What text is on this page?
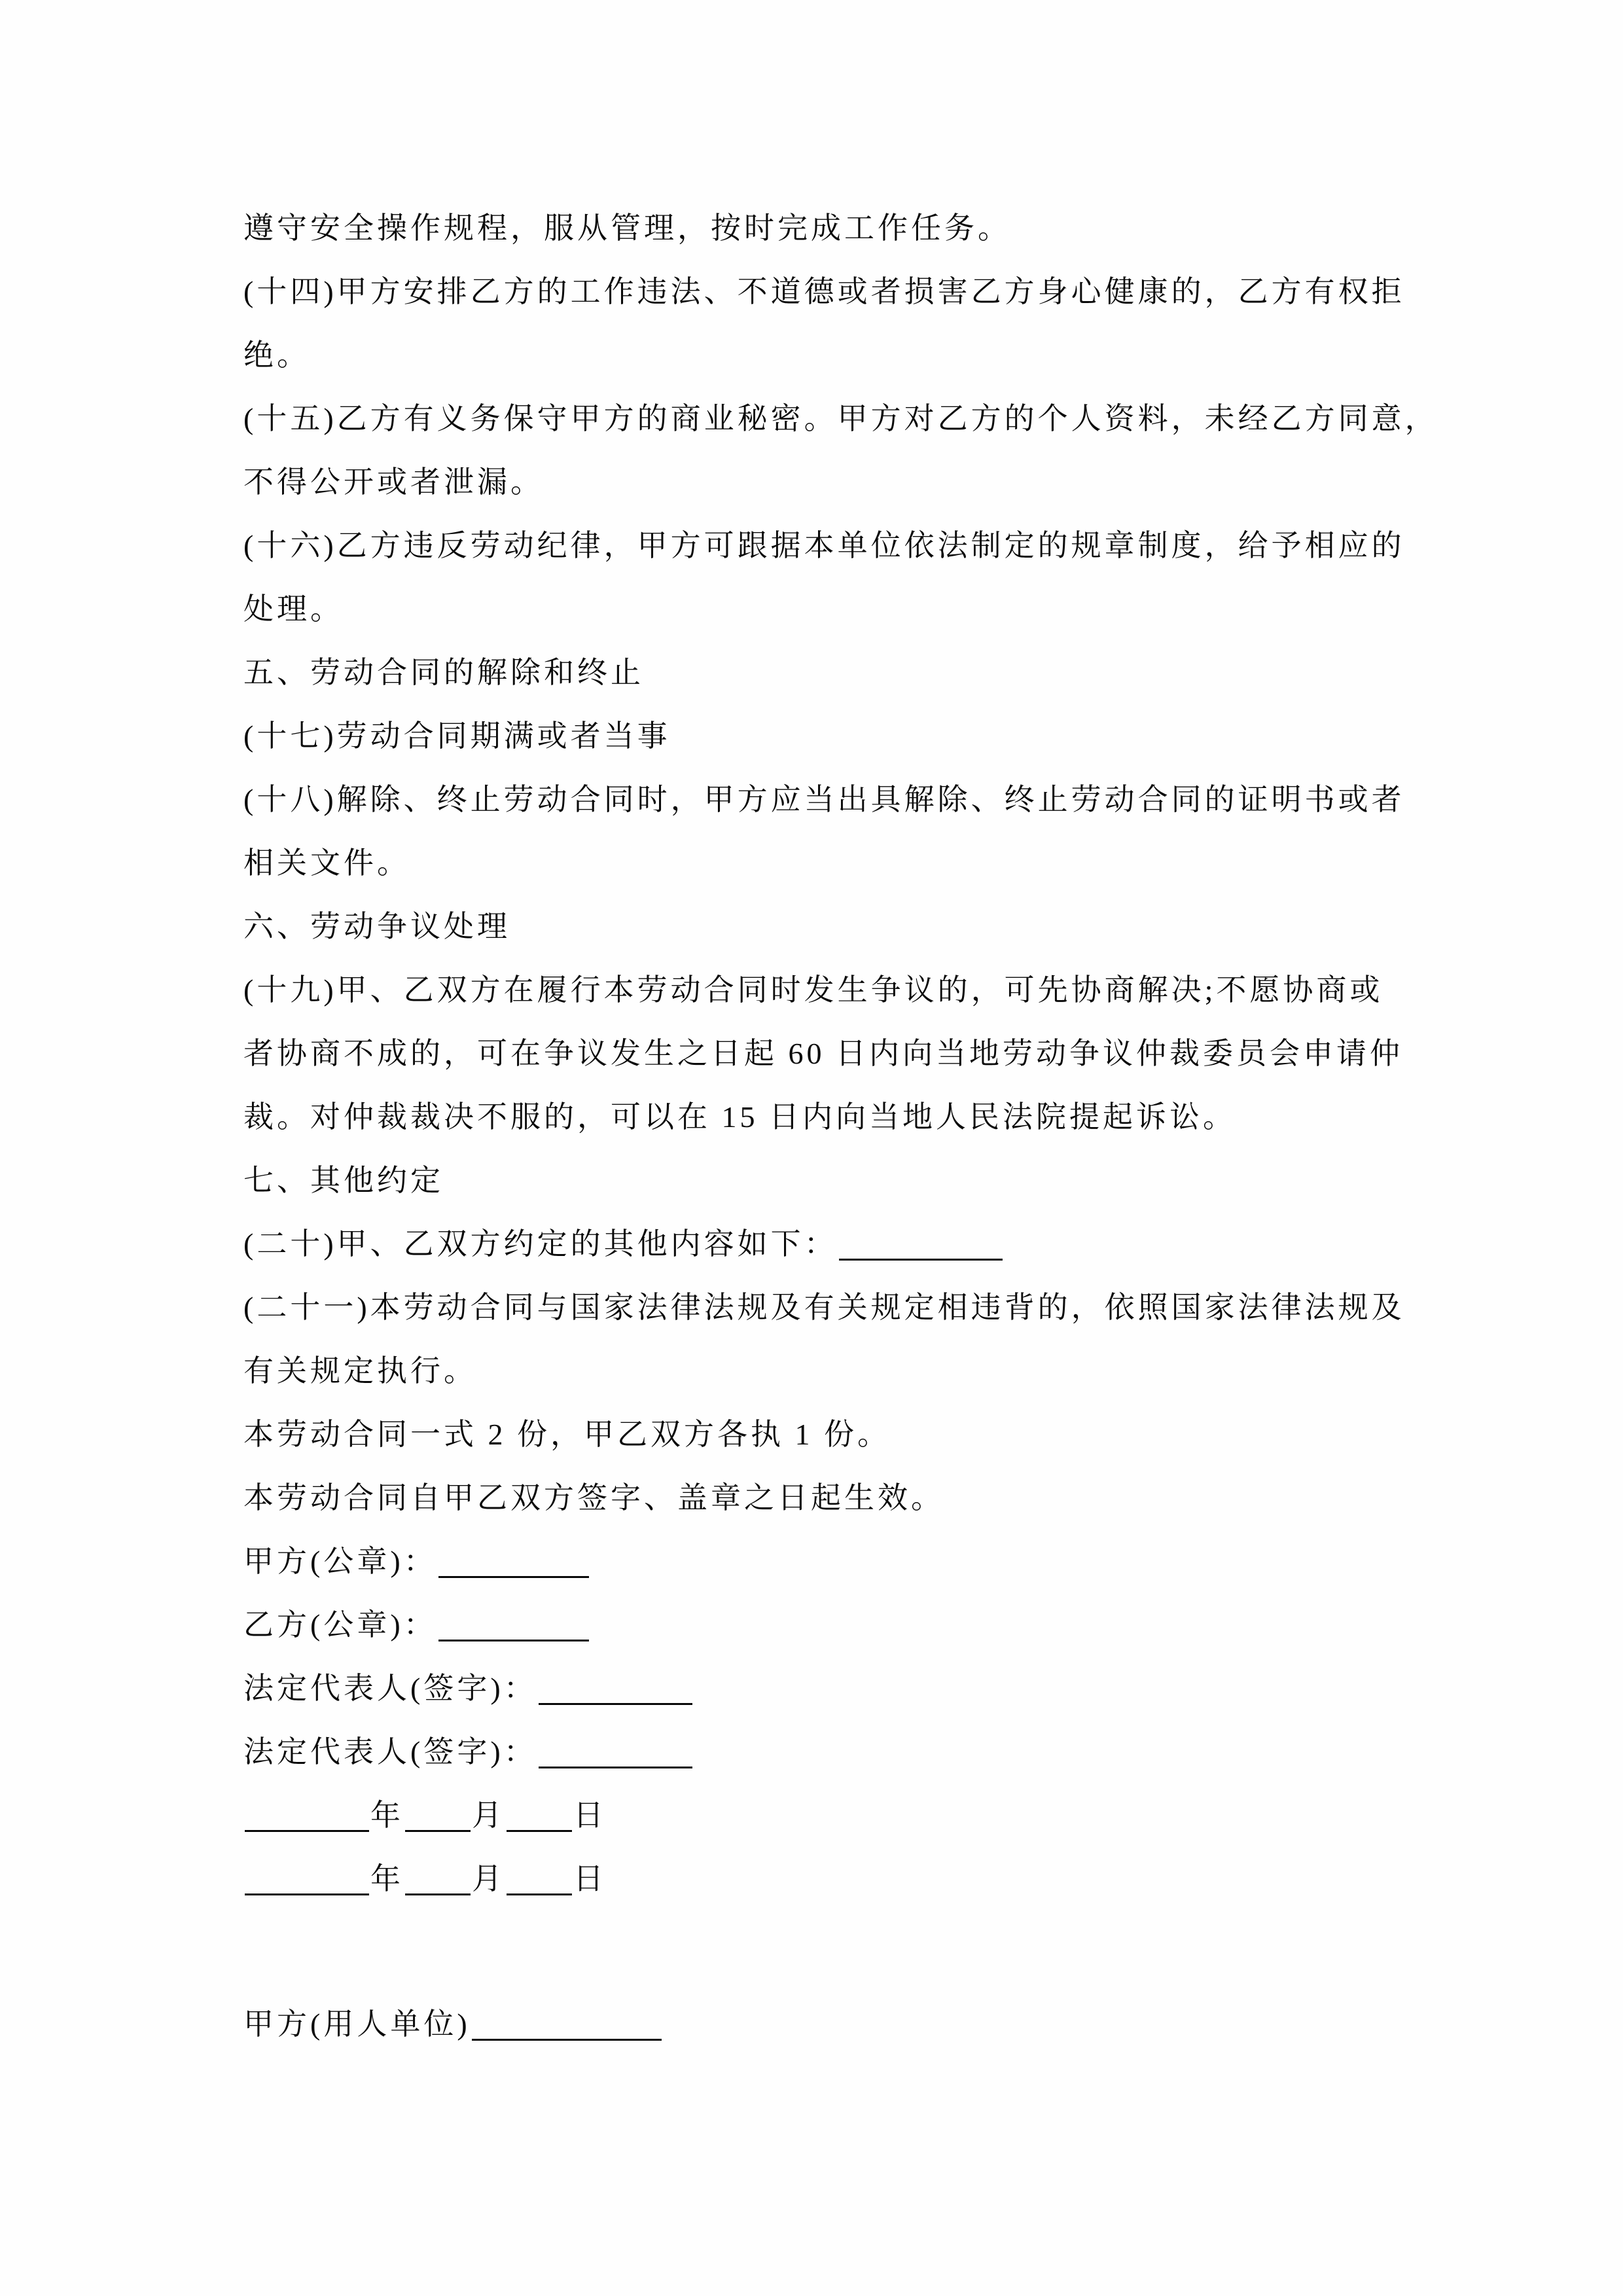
遵守安全操作规程，服从管理，按时完成工作任务。
(十四)甲方安排乙方的工作违法、不道德或者损害乙方身心健康的，乙方有权拒
绝。
(十五)乙方有义务保守甲方的商业秘密。甲方对乙方的个人资料，未经乙方同意，
不得公开或者泄漏。
(十六)乙方违反劳动纪律，甲方可跟据本单位依法制定的规章制度，给予相应的
处理。
五、劳动合同的解除和终止
(十七)劳动合同期满或者当事
(十八)解除、终止劳动合同时，甲方应当出具解除、终止劳动合同的证明书或者
相关文件。
六、劳动争议处理
(十九)甲、乙双方在履行本劳动合同时发生争议的，可先协商解决;不愿协商或
者协商不成的，可在争议发生之日起 60 日内向当地劳动争议仲裁委员会申请仲
裁。对仲裁裁决不服的，可以在 15 日内向当地人民法院提起诉讼。
七、其他约定
(二十)甲、乙双方约定的其他内容如下：
(二十一)本劳动合同与国家法律法规及有关规定相违背的，依照国家法律法规及
有关规定执行。
本劳动合同一式 2 份，甲乙双方各执 1 份。
本劳动合同自甲乙双方签字、盖章之日起生效。
甲方(公章)：
乙方(公章)：
法定代表人(签字)：
法定代表人(签字)：
年 月 日
年 月 日
甲方(用人单位)
